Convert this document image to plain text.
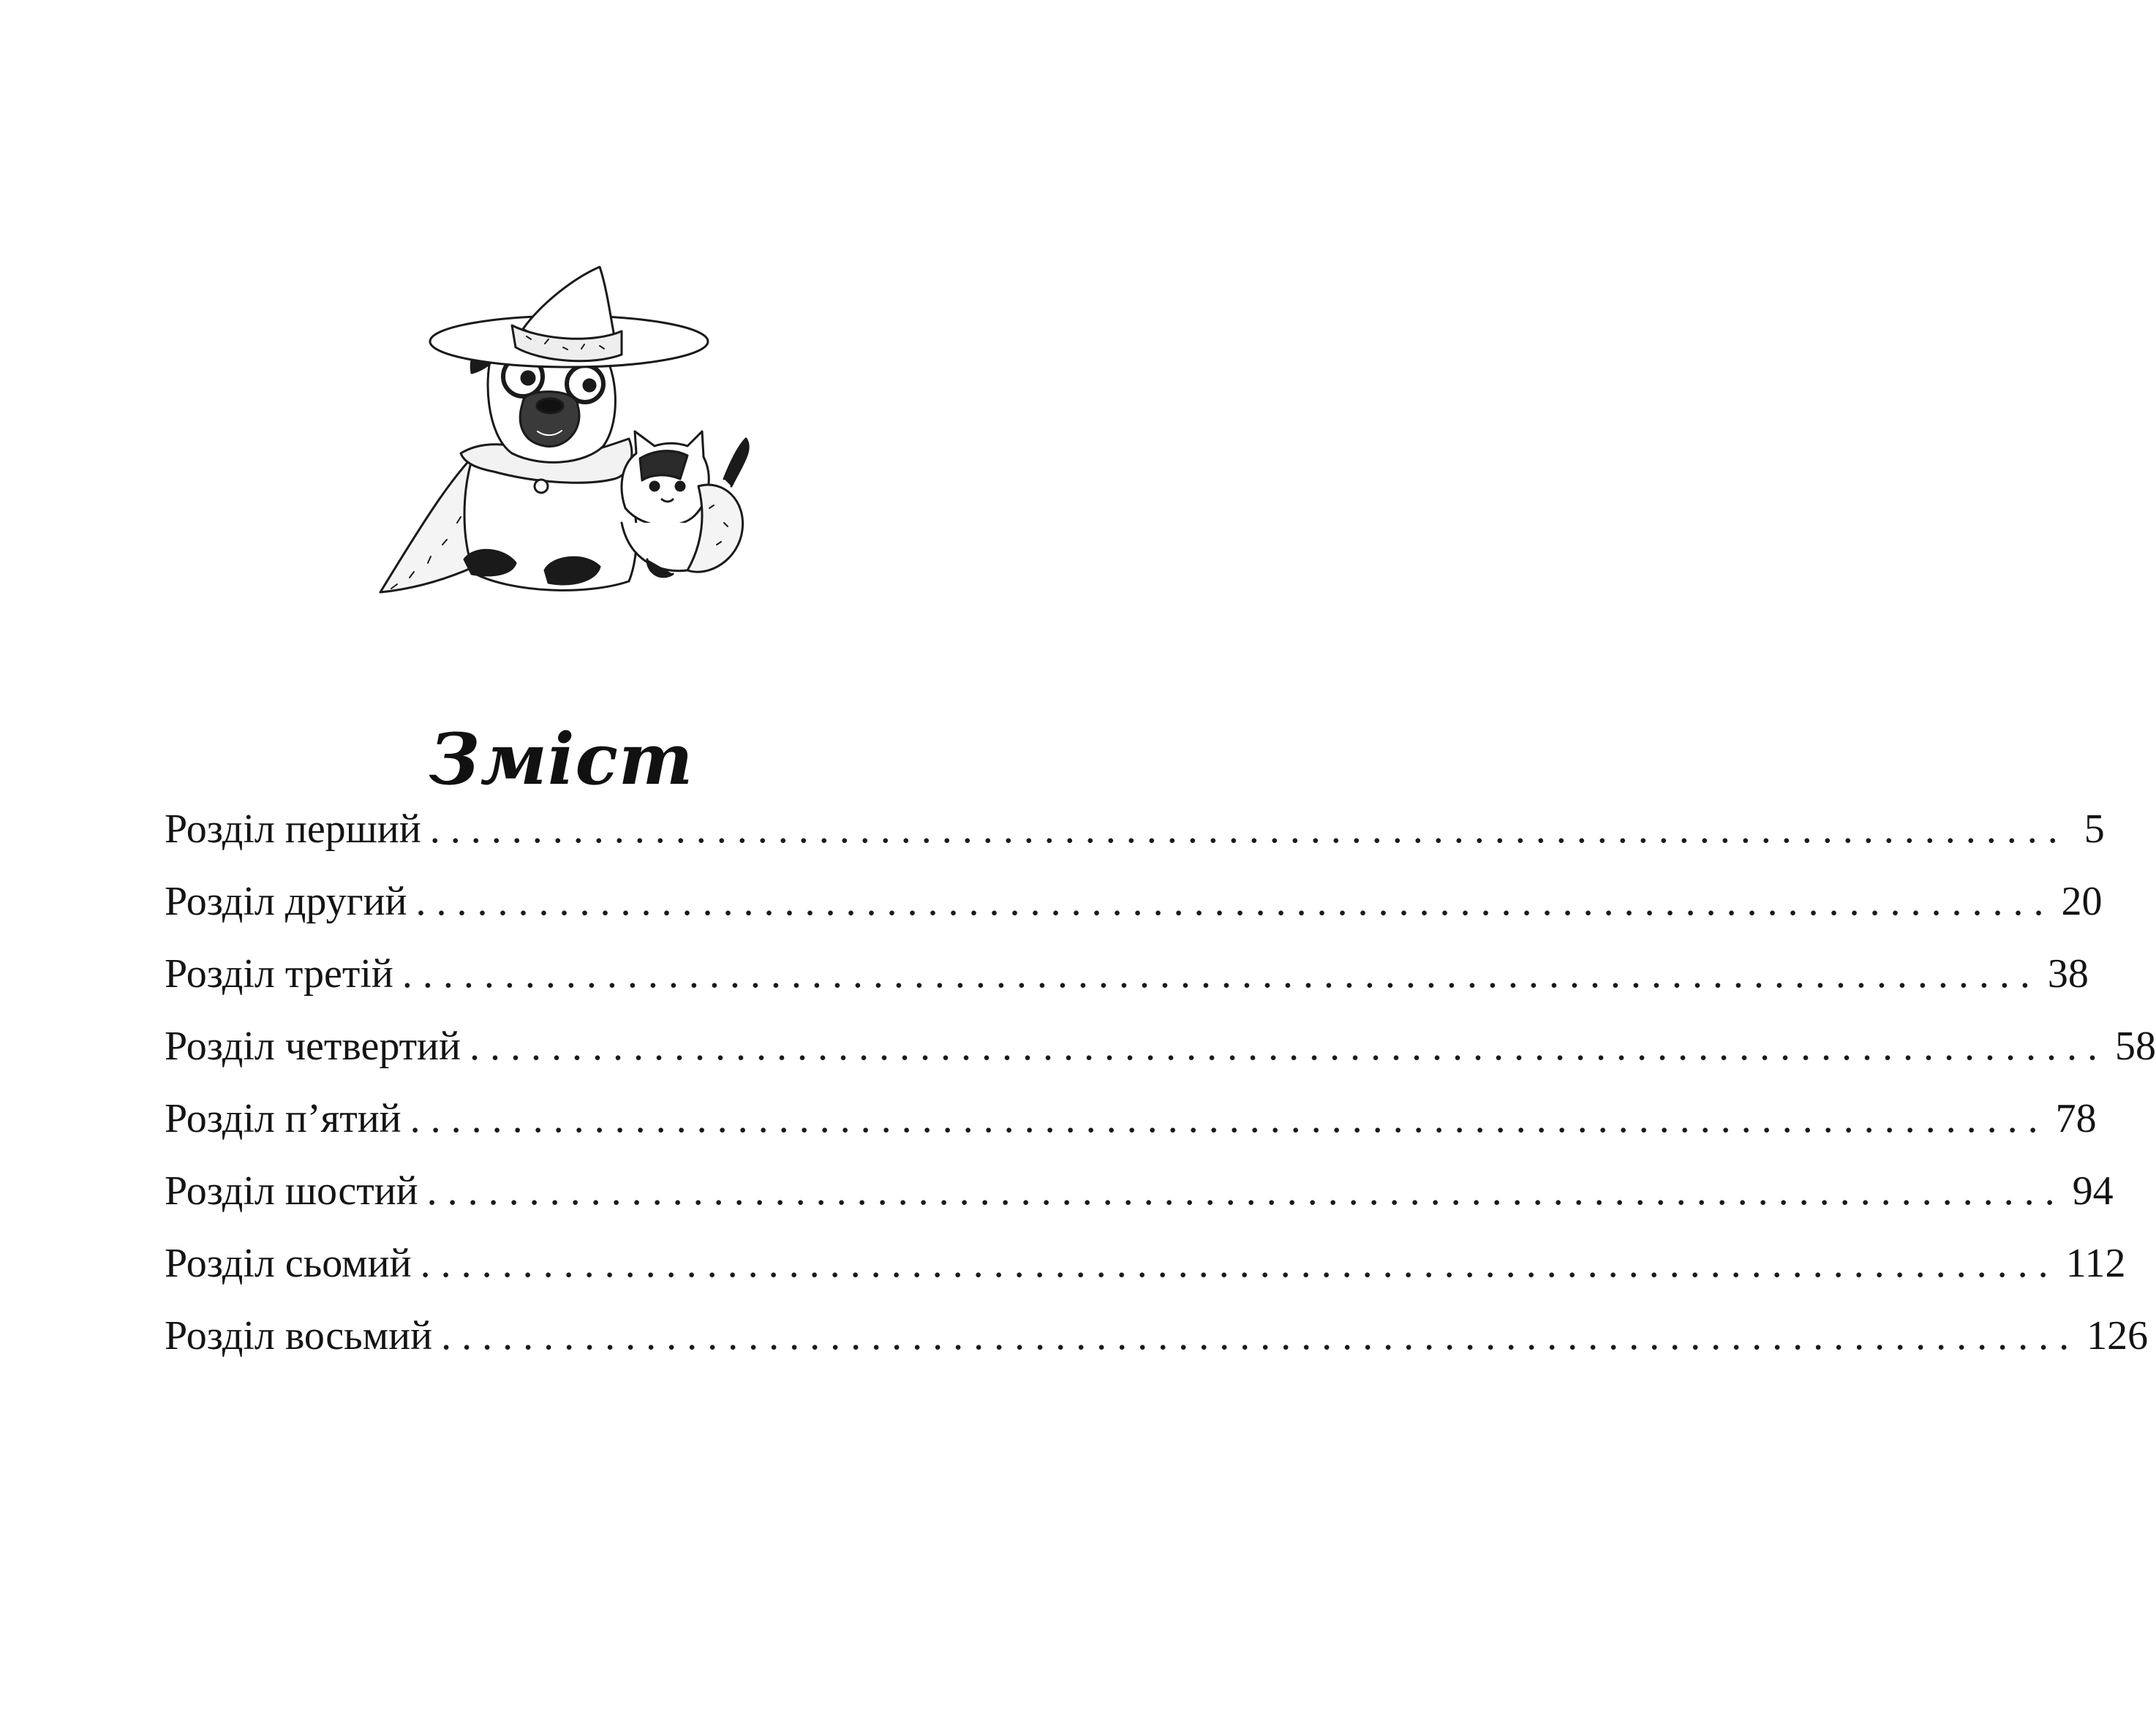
Зміст
Розділ перший ................................................................................ 5
Розділ другий ................................................................................ 20
Розділ третій ................................................................................ 38
Розділ четвертий ................................................................................ 58
Розділ п’ятий ................................................................................ 78
Розділ шостий ................................................................................ 94
Розділ сьомий ................................................................................ 112
Розділ восьмий ................................................................................ 126
